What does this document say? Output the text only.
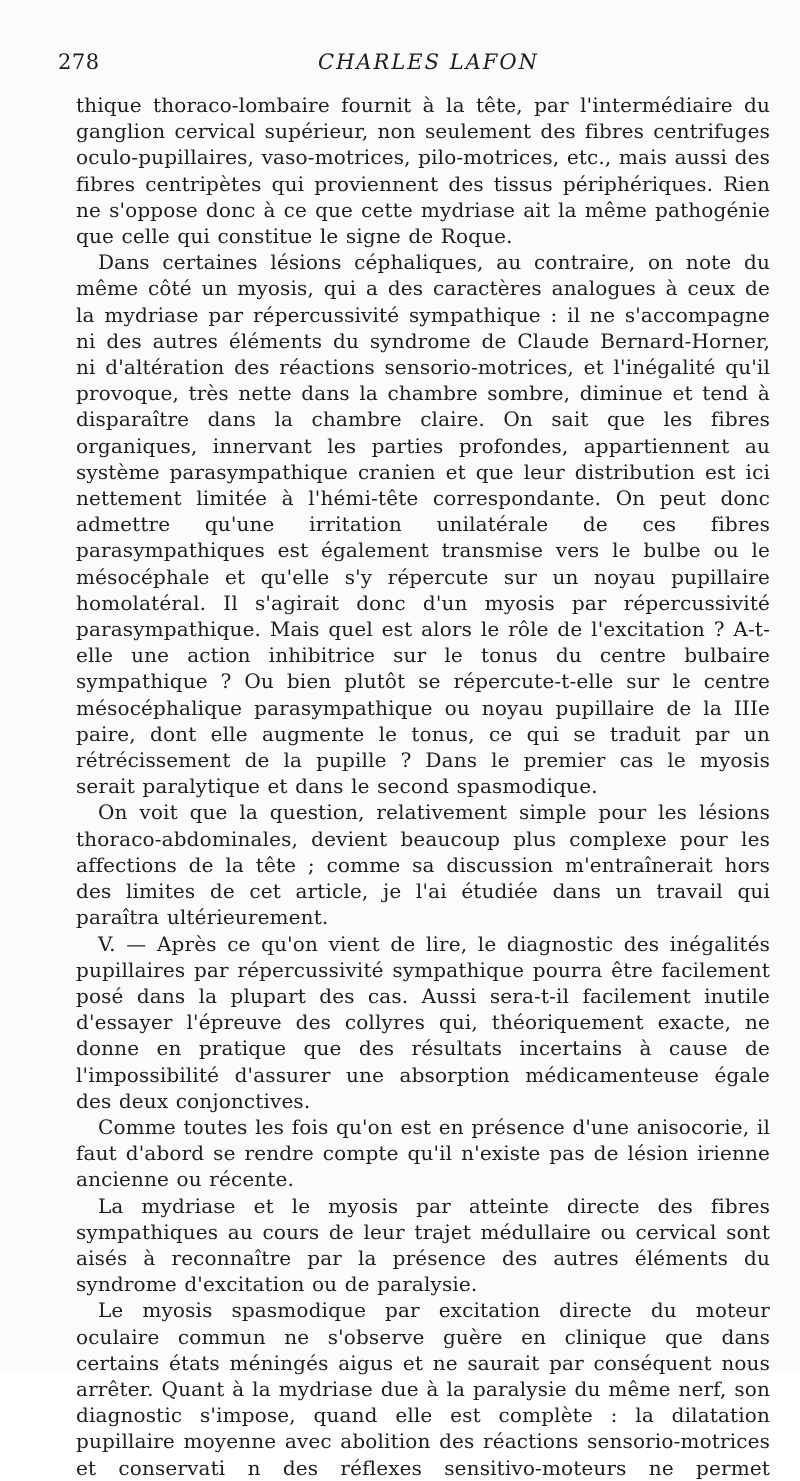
278	CHARLES LAFON

thique thoraco-lombaire fournit à la tête, par l'intermédiaire du ganglion cervical supérieur, non seulement des fibres centrifuges oculo-pupillaires, vaso-motrices, pilo-motrices, etc., mais aussi des fibres centripètes qui proviennent des tissus périphériques. Rien ne s'oppose donc à ce que cette mydriase ait la même pathogénie que celle qui constitue le signe de Roque.

Dans certaines lésions céphaliques, au contraire, on note du même côté un myosis, qui a des caractères analogues à ceux de la mydriase par répercussivité sympathique : il ne s'accompagne ni des autres éléments du syndrome de Claude Bernard-Horner, ni d'altération des réactions sensorio-motrices, et l'inégalité qu'il provoque, très nette dans la chambre sombre, diminue et tend à disparaître dans la chambre claire. On sait que les fibres organiques, innervant les parties profondes, appartiennent au système parasympathique cranien et que leur distribution est ici nettement limitée à l'hémi-tête correspondante. On peut donc admettre qu'une irritation unilatérale de ces fibres parasympathiques est également transmise vers le bulbe ou le mésocéphale et qu'elle s'y répercute sur un noyau pupillaire homolatéral. Il s'agirait donc d'un myosis par répercussivité parasympathique. Mais quel est alors le rôle de l'excitation ? A-t-elle une action inhibitrice sur le tonus du centre bulbaire sympathique ? Ou bien plutôt se répercute-t-elle sur le centre mésocéphalique parasympathique ou noyau pupillaire de la IIIe paire, dont elle augmente le tonus, ce qui se traduit par un rétrécissement de la pupille ? Dans le premier cas le myosis serait paralytique et dans le second spasmodique.

On voit que la question, relativement simple pour les lésions thoraco-abdominales, devient beaucoup plus complexe pour les affections de la tête ; comme sa discussion m'entraînerait hors des limites de cet article, je l'ai étudiée dans un travail qui paraîtra ultérieurement.

V. — Après ce qu'on vient de lire, le diagnostic des inégalités pupillaires par répercussivité sympathique pourra être facilement posé dans la plupart des cas. Aussi sera-t-il facilement inutile d'essayer l'épreuve des collyres qui, théoriquement exacte, ne donne en pratique que des résultats incertains à cause de l'impossibilité d'assurer une absorption médicamenteuse égale des deux conjonctives.

Comme toutes les fois qu'on est en présence d'une anisocorie, il faut d'abord se rendre compte qu'il n'existe pas de lésion irienne ancienne ou récente.

La mydriase et le myosis par atteinte directe des fibres sympathiques au cours de leur trajet médullaire ou cervical sont aisés à reconnaître par la présence des autres éléments du syndrome d'excitation ou de paralysie.

Le myosis spasmodique par excitation directe du moteur oculaire commun ne s'observe guère en clinique que dans certains états méningés aigus et ne saurait par conséquent nous arrêter. Quant à la mydriase due à la paralysie du même nerf, son diagnostic s'impose, quand elle est complète : la dilatation pupillaire moyenne avec abolition des réactions sensorio-motrices et conservati n des réflexes sensitivo-moteurs ne permet
